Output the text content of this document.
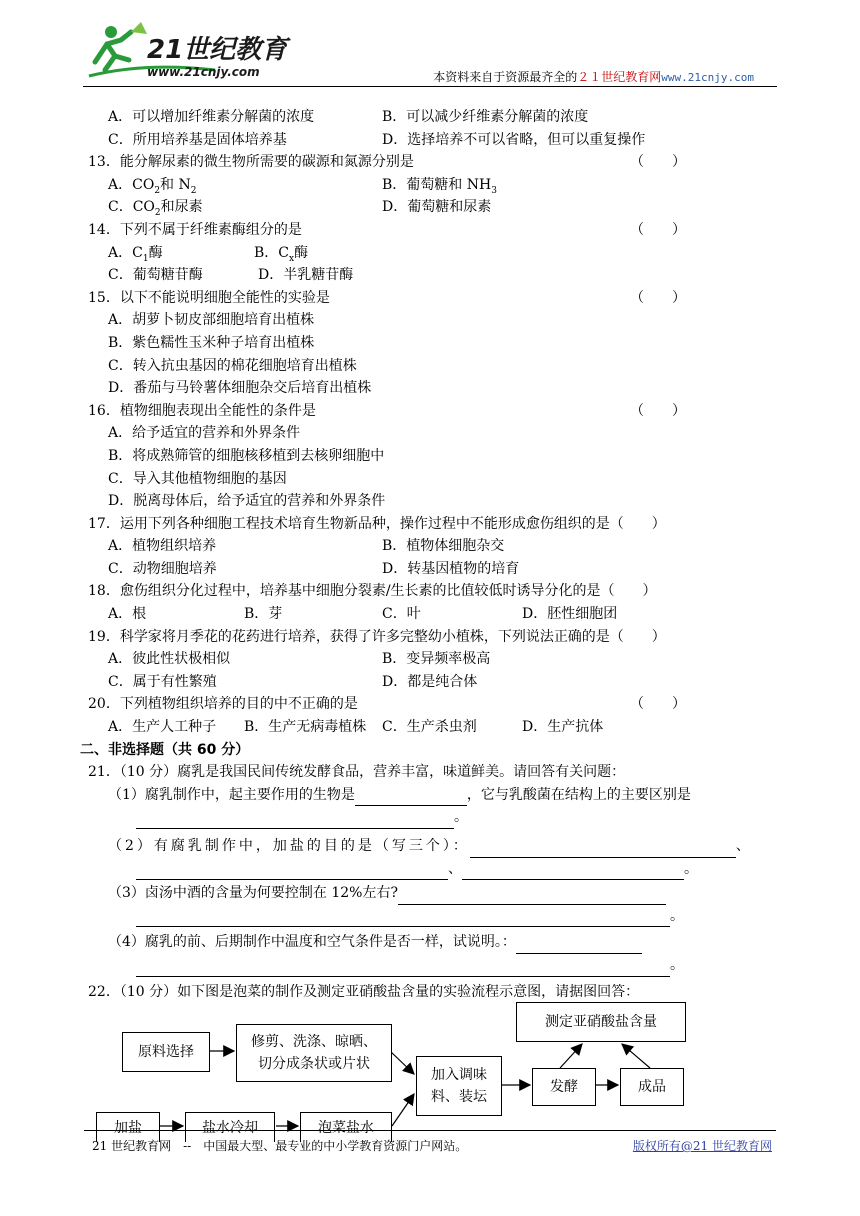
21世纪教育
www.21cnjy.com	本资料来自于资源最齐全的２１世纪教育网www.21cnjy.com
A．可以增加纤维素分解菌的浓度	B．可以减少纤维素分解菌的浓度
C．所用培养基是固体培养基	D．选择培养不可以省略，但可以重复操作
13．能分解尿素的微生物所需要的碳源和氮源分别是	（　　）
A．$CO_2$和 $N_2$	B．葡萄糖和 $NH_3$
C．$CO_2$和尿素	D．葡萄糖和尿素
14．下列不属于纤维素酶组分的是	（　　）
A．$C_1$酶	B．$C_x$酶
C．葡萄糖苷酶	D．半乳糖苷酶
15．以下不能说明细胞全能性的实验是	（　　）
A．胡萝卜韧皮部细胞培育出植株
B．紫色糯性玉米种子培育出植株
C．转入抗虫基因的棉花细胞培育出植株
D．番茄与马铃薯体细胞杂交后培育出植株
16．植物细胞表现出全能性的条件是	（　　）
A．给予适宜的营养和外界条件
B．将成熟筛管的细胞核移植到去核卵细胞中
C．导入其他植物细胞的基因
D．脱离母体后，给予适宜的营养和外界条件
17．运用下列各种细胞工程技术培育生物新品种，操作过程中不能形成愈伤组织的是（　　）
A．植物组织培养	B．植物体细胞杂交
C．动物细胞培养	D．转基因植物的培育
18．愈伤组织分化过程中，培养基中细胞分裂素/生长素的比值较低时诱导分化的是（　　）
A．根	B．芽	C．叶	D．胚性细胞团
19．科学家将月季花的花药进行培养，获得了许多完整幼小植株，下列说法正确的是（　　）
A．彼此性状极相似	B．变异频率极高
C．属于有性繁殖	D．都是纯合体
20．下列植物组织培养的目的中不正确的是	（　　）
A．生产人工种子 B．生产无病毒植株 C．生产杀虫剂	D．生产抗体
二、非选择题（共 60 分）
21．（10 分）腐乳是我国民间传统发酵食品，营养丰富，味道鲜美。请回答有关问题：
（1）腐乳制作中，起主要作用的生物是	，它与乳酸菌在结构上的主要区别是
。
（2）有腐乳制作中，加盐的目的是（写三个）：	、
、	。
（3）卤汤中酒的含量为何要控制在 12%左右?
。
（4）腐乳的前、后期制作中温度和空气条件是否一样，试说明。：
。
22．（10 分）如下图是泡菜的制作及测定亚硝酸盐含量的实验流程示意图，请据图回答：
原料选择
修剪、洗涤、晾晒、
切分成条状或片状
加入调味
料、装坛
发酵	成品
测定亚硝酸盐含量
加盐	盐水冷却	泡菜盐水
21 世纪教育网　--　中国最大型、最专业的中小学教育资源门户网站。	版权所有@21 世纪教育网
